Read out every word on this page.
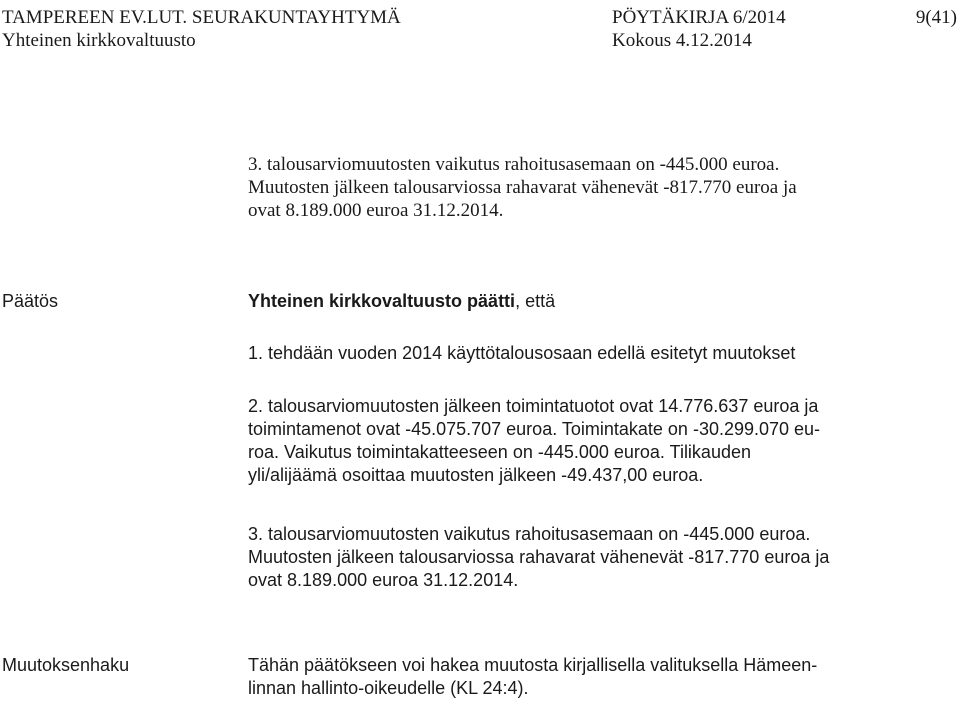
TAMPEREEN EV.LUT. SEURAKUNTAYHTYMÄ	PÖYTÄKIRJA 6/2014	9(41)
Yhteinen kirkkovaltuusto	Kokous 4.12.2014

3. talousarviomuutosten vaikutus rahoitusasemaan on -445.000 euroa.

Muutosten jälkeen talousarviossa rahavarat vähenevät -817.770 euroa ja

ovat 8.189.000 euroa 31.12.2014.

Päätös	Yhteinen kirkkovaltuusto päätti, että

1. tehdään vuoden 2014 käyttötalousosaan edellä esitetyt muutokset

2. talousarviomuutosten jälkeen toimintatuotot ovat 14.776.637 euroa ja

toimintamenot ovat -45.075.707 euroa. Toimintakate on -30.299.070 eu-

roa. Vaikutus toimintakatteeseen on -445.000 euroa. Tilikauden

yli/alijäämä osoittaa muutosten jälkeen -49.437,00 euroa.

3. talousarviomuutosten vaikutus rahoitusasemaan on -445.000 euroa.

Muutosten jälkeen talousarviossa rahavarat vähenevät -817.770 euroa ja

ovat 8.189.000 euroa 31.12.2014.

Muutoksenhaku	Tähän päätökseen voi hakea muutosta kirjallisella valituksella Hämeen-

linnan hallinto-oikeudelle (KL 24:4).
